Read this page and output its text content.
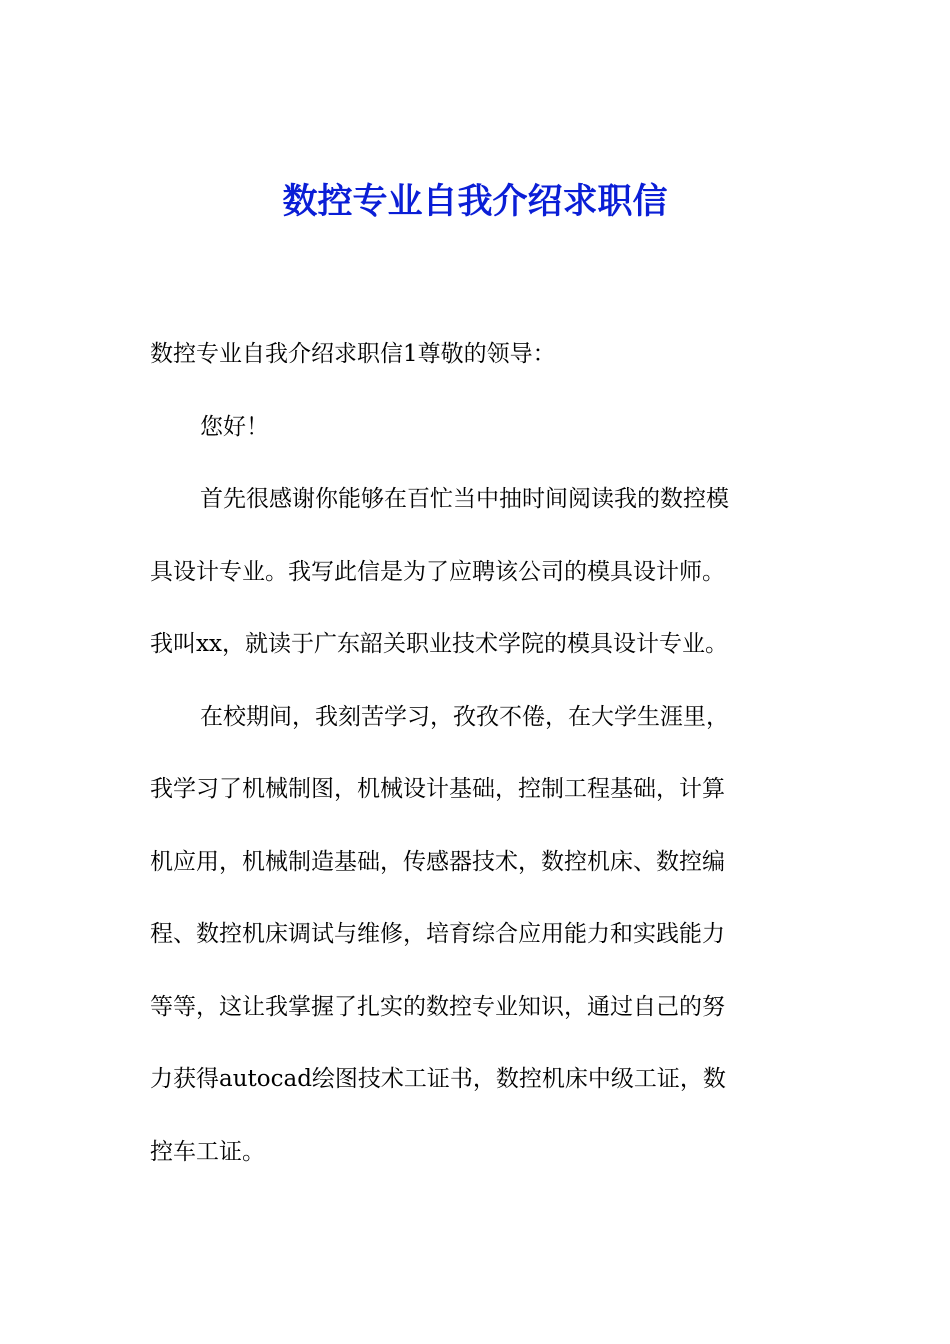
数控专业自我介绍求职信
数控专业自我介绍求职信1尊敬的领导：
您好！
首先很感谢你能够在百忙当中抽时间阅读我的数控模
具设计专业。我写此信是为了应聘该公司的模具设计师。
我叫xx，就读于广东韶关职业技术学院的模具设计专业。
在校期间，我刻苦学习，孜孜不倦，在大学生涯里，
我学习了机械制图，机械设计基础，控制工程基础，计算
机应用，机械制造基础，传感器技术，数控机床、数控编
程、数控机床调试与维修，培育综合应用能力和实践能力
等等，这让我掌握了扎实的数控专业知识，通过自己的努
力获得autocad绘图技术工证书，数控机床中级工证，数
控车工证。
